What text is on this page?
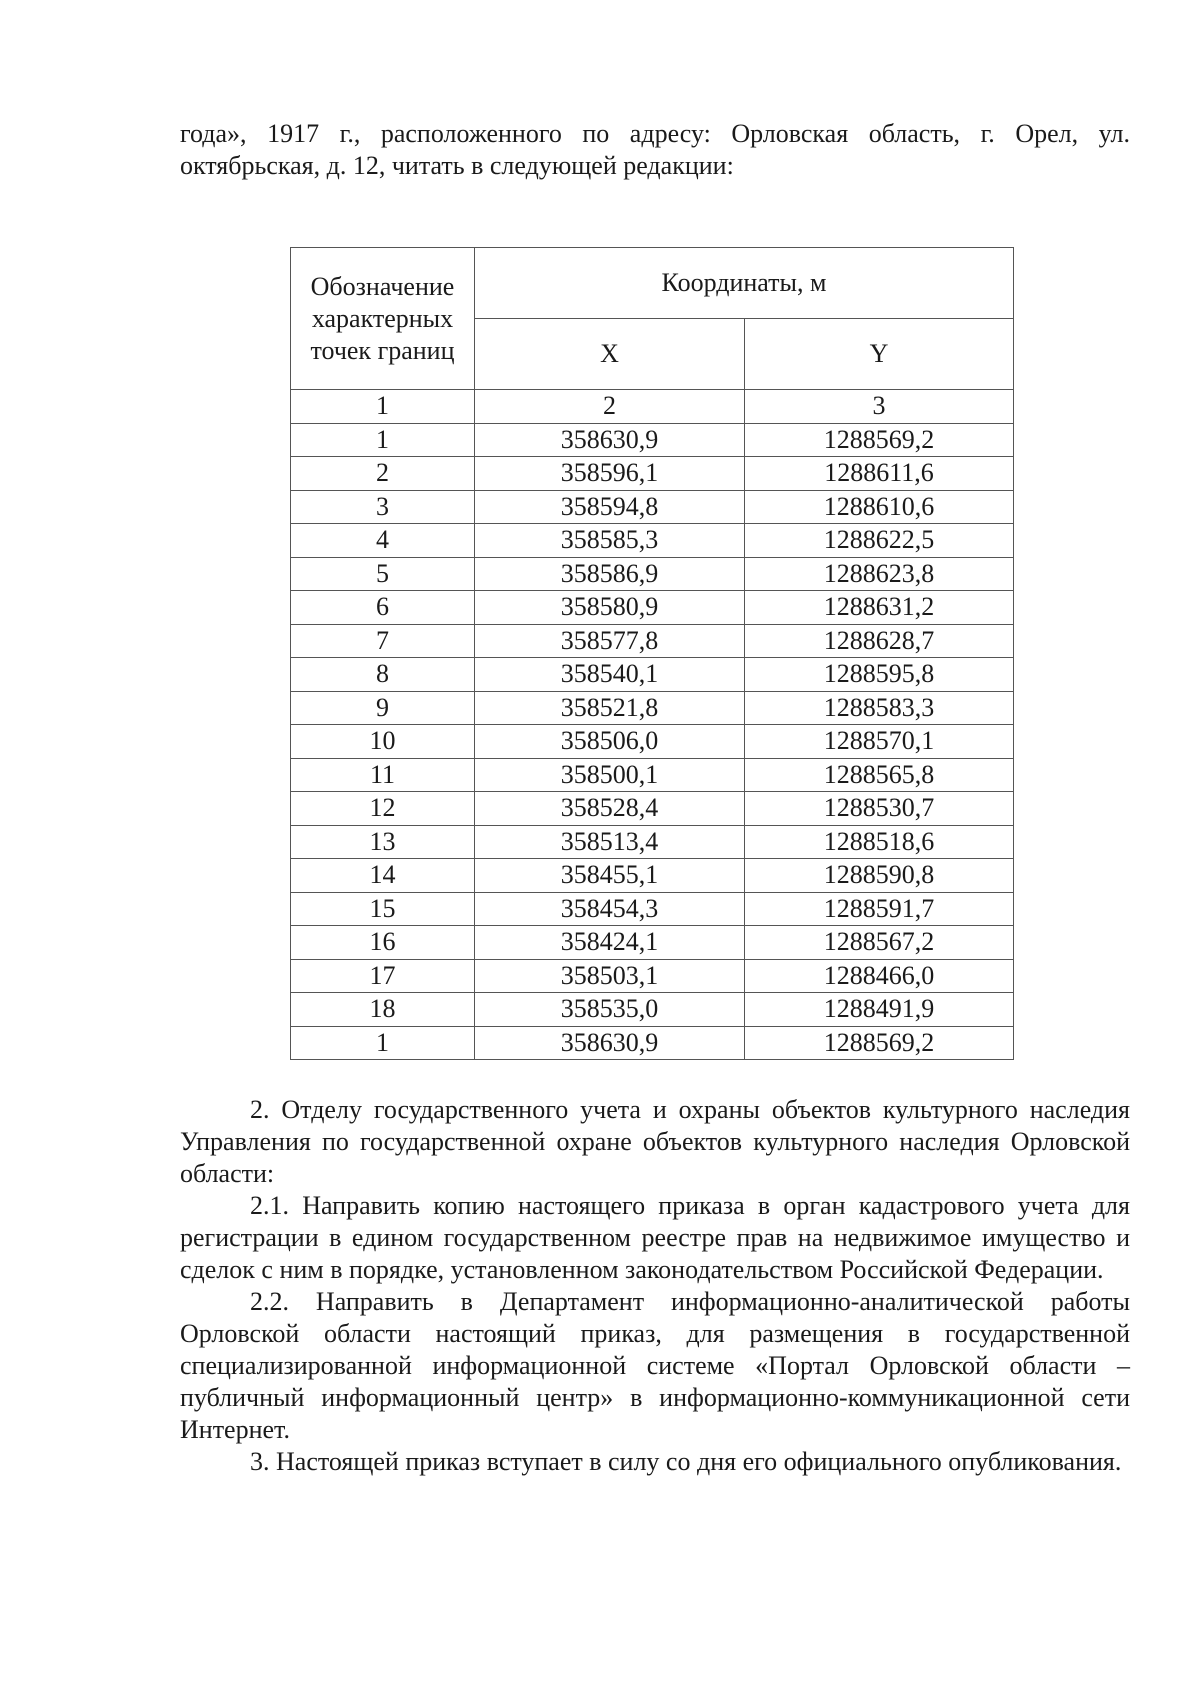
года», 1917 г., расположенного по адресу: Орловская область, г. Орел, ул. октябрьская, д. 12, читать в следующей редакции:

Обозначение характерных точек границ	Координаты, м	
	X	Y
1	2	3
1	358630,9	1288569,2
2	358596,1	1288611,6
3	358594,8	1288610,6
4	358585,3	1288622,5
5	358586,9	1288623,8
6	358580,9	1288631,2
7	358577,8	1288628,7
8	358540,1	1288595,8
9	358521,8	1288583,3
10	358506,0	1288570,1
11	358500,1	1288565,8
12	358528,4	1288530,7
13	358513,4	1288518,6
14	358455,1	1288590,8
15	358454,3	1288591,7
16	358424,1	1288567,2
17	358503,1	1288466,0
18	358535,0	1288491,9
1	358630,9	1288569,2

2. Отделу государственного учета и охраны объектов культурного наследия Управления по государственной охране объектов культурного наследия Орловской области:

2.1. Направить копию настоящего приказа в орган кадастрового учета для регистрации в едином государственном реестре прав на недвижимое имущество и сделок с ним в порядке, установленном законодательством Российской Федерации.

2.2. Направить в Департамент информационно-аналитической работы Орловской области настоящий приказ, для размещения в государственной специализированной информационной системе «Портал Орловской области – публичный информационный центр» в информационно-коммуникационной сети Интернет.

3. Настоящей приказ вступает в силу со дня его официального опубликования.
